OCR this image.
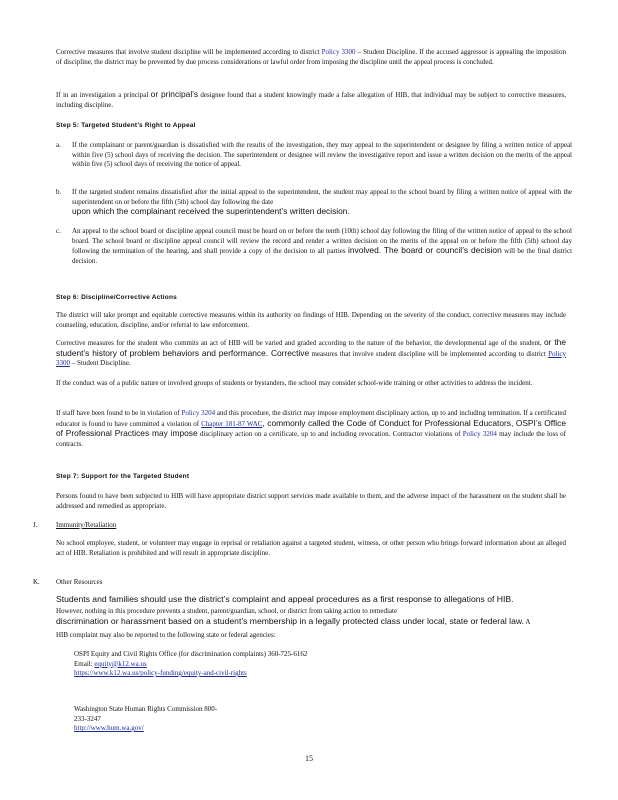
Corrective measures that involve student discipline will be implemented according to district Policy 3300 – Student Discipline. If the accused aggressor is appealing the imposition of discipline, the district may be prevented by due process considerations or lawful order from imposing the discipline until the appeal process is concluded.
If in an investigation a principal or principal’s designee found that a student knowingly made a false allegation of HIB, that individual may be subject to corrective measures, including discipline.
Step 5: Targeted Student’s Right to Appeal
a. If the complainant or parent/guardian is dissatisfied with the results of the investigation, they may appeal to the superintendent or designee by filing a written notice of appeal within five (5) school days of receiving the decision. The superintendent or designee will review the investigative report and issue a written decision on the merits of the appeal within five (5) school days of receiving the notice of appeal.
b. If the targeted student remains dissatisfied after the initial appeal to the superintendent, the student may appeal to the school board by filing a written notice of appeal with the superintendent on or before the fifth (5th) school day following the date
upon which the complainant received the superintendent’s written decision.
c. An appeal to the school board or discipline appeal council must be heard on or before the tenth (10th) school day following the filing of the written notice of appeal to the school board. The school board or discipline appeal council will review the record and render a written decision on the merits of the appeal on or before the fifth (5th) school day following the termination of the hearing, and shall provide a copy of the decision to all parties involved. The board or council’s decision will be the final district decision.
Step 6: Discipline/Corrective Actions
The district will take prompt and equitable corrective measures within its authority on findings of HIB. Depending on the severity of the conduct, corrective measures may include counseling, education, discipline, and/or referral to law enforcement.
Corrective measures for the student who commits an act of HIB will be varied and graded according to the nature of the behavior, the developmental age of the student, or the student’s history of problem behaviors and performance. Corrective measures that involve student discipline will be implemented according to district Policy 3300 – Student Discipline.
If the conduct was of a public nature or involved groups of students or bystanders, the school may consider school-wide training or other activities to address the incident.
If staff have been found to be in violation of Policy 3204 and this procedure, the district may impose employment disciplinary action, up to and including termination. If a certificated educator is found to have committed a violation of Chapter 181-87 WAC, commonly called the Code of Conduct for Professional Educators, OSPI’s Office of Professional Practices may impose disciplinary action on a certificate, up to and including revocation. Contractor violations of Policy 3204 may include the loss of contracts.
Step 7: Support for the Targeted Student
Persons found to have been subjected to HIB will have appropriate district support services made available to them, and the adverse impact of the harassment on the student shall be addressed and remedied as appropriate.
J.	Immunity/Retaliation
No school employee, student, or volunteer may engage in reprisal or retaliation against a targeted student, witness, or other person who brings forward information about an alleged act of HIB. Retaliation is prohibited and will result in appropriate discipline.
K. Other Resources
Students and families should use the district’s complaint and appeal procedures as a first response to allegations of HIB.
However, nothing in this procedure prevents a student, parent/guardian, school, or district from taking action to remediate
discrimination or harassment based on a student’s membership in a legally protected class under local, state or federal law. A
HIB complaint may also be reported to the following state or federal agencies:
OSPI Equity and Civil Rights Office (for discrimination complaints) 360-725-6162
Email: equity@k12.wa.us
https://www.k12.wa.us/policy-funding/equity-and-civil-rights
Washington State Human Rights Commission 800-233-3247
http://www.hum.wa.gov/
15
